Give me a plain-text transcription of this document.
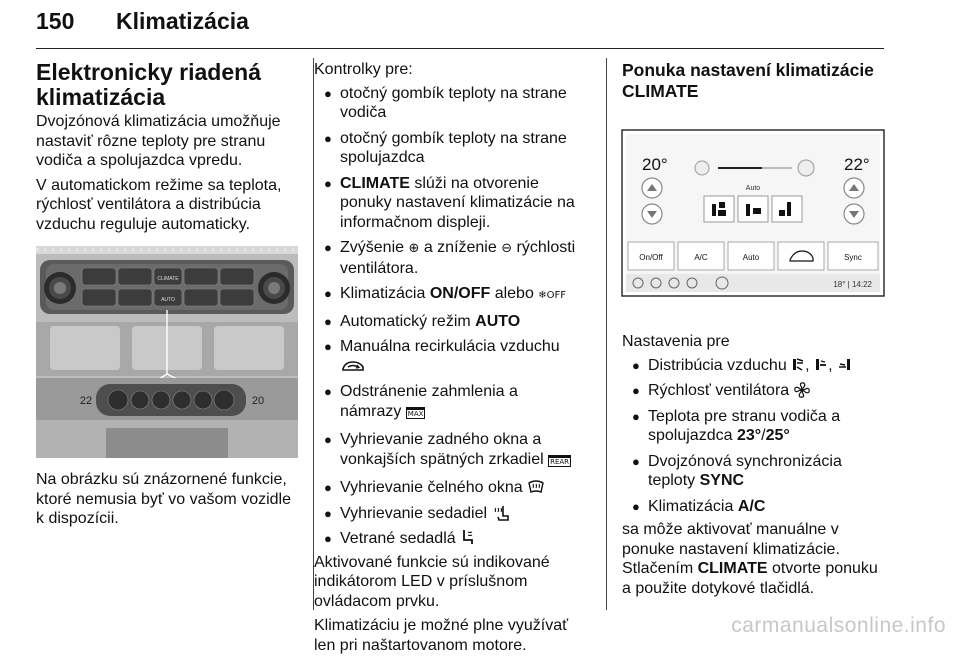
150 Klimatizácia
Elektronicky riadená
klimatizácia

Dvojzónová klimatizácia umožňuje
nastaviť rôzne teploty pre stranu
vodiča a spolujazdca vpredu.

V automatickom režime sa teplota,
rýchlosť ventilátora a distribúcia
vzduchu reguluje automaticky.

CLIMATE
AUTO
22	20

Na obrázku sú znázornené funkcie,
ktoré nemusia byť vo vašom vozidle
k dispozícii.

Kontrolky pre:

● otočný gombík teploty na strane
vodiča
● otočný gombík teploty na strane
spolujazdca
● CLIMATE slúži na otvorenie
ponuky nastavení klimatizácie na
informačnom displeji.
● Zvýšenie ⊕ a zníženie ⊖ rýchlosti
ventilátora.
● Klimatizácia ON/OFF alebo ❄OFF
● Automatický režim AUTO
● Manuálna recirkulácia vzduchu

● Odstránenie zahmlenia a
námrazy MAX
● Vyhrievanie zadného okna a
vonkajších spätných zrkadiel REAR
● Vyhrievanie čelného okna
● Vyhrievanie sedadiel
● Vetrané sedadlá

Aktivované funkcie sú indikované
indikátorom LED v príslušnom
ovládacom prvku.

Klimatizáciu je možné plne využívať
len pri naštartovanom motore.

Ponuka nastavení klimatizácie
CLIMATE
20°	22°
Auto
On/Off	A/C	Auto	Sync
18° | 14:22

Nastavenia pre

● Distribúcia vzduchu , ,
● Rýchlosť ventilátora
● Teplota pre stranu vodiča a
spolujazdca 23°/25°
● Dvojzónová synchronizácia
teploty SYNC
● Klimatizácia A/C

sa môže aktivovať manuálne v
ponuke nastavení klimatizácie.
Stlačením CLIMATE otvorte ponuku
a použite dotykové tlačidlá.

carmanualsonline.info
